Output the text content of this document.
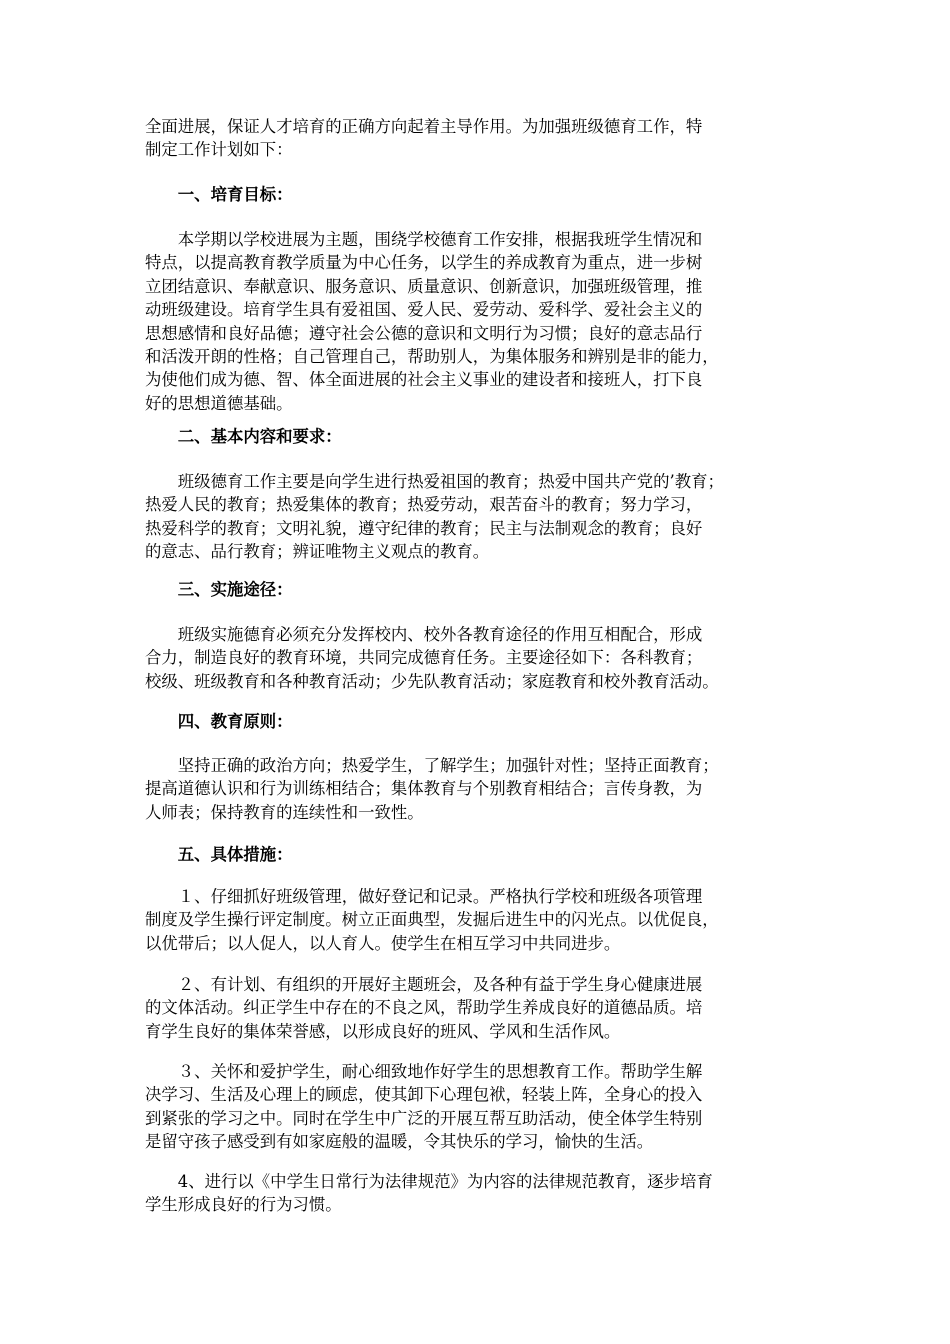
全面进展，保证人才培育的正确方向起着主导作用。为加强班级德育工作，特
制定工作计划如下：
一、培育目标：
本学期以学校进展为主题，围绕学校德育工作安排，根据我班学生情况和
特点，以提高教育教学质量为中心任务，以学生的养成教育为重点，进一步树
立团结意识、奉献意识、服务意识、质量意识、创新意识，加强班级管理，推
动班级建设。培育学生具有爱祖国、爱人民、爱劳动、爱科学、爱社会主义的
思想感情和良好品德；遵守社会公德的意识和文明行为习惯；良好的意志品行
和活泼开朗的性格；自己管理自己，帮助别人，为集体服务和辨别是非的能力，
为使他们成为德、智、体全面进展的社会主义事业的建设者和接班人，打下良
好的思想道德基础。
二、基本内容和要求：
班级德育工作主要是向学生进行热爱祖国的教育；热爱中国共产党的’教育；
热爱人民的教育；热爱集体的教育；热爱劳动，艰苦奋斗的教育；努力学习，
热爱科学的教育；文明礼貌，遵守纪律的教育；民主与法制观念的教育；良好
的意志、品行教育；辨证唯物主义观点的教育。
三、实施途径：
班级实施德育必须充分发挥校内、校外各教育途径的作用互相配合，形成
合力，制造良好的教育环境，共同完成德育任务。主要途径如下：各科教育；
校级、班级教育和各种教育活动；少先队教育活动；家庭教育和校外教育活动。
四、教育原则：
坚持正确的政治方向；热爱学生，了解学生；加强针对性；坚持正面教育；
提高道德认识和行为训练相结合；集体教育与个别教育相结合；言传身教，为
人师表；保持教育的连续性和一致性。
五、具体措施：
１、仔细抓好班级管理，做好登记和记录。严格执行学校和班级各项管理
制度及学生操行评定制度。树立正面典型，发掘后进生中的闪光点。以优促良，
以优带后；以人促人，以人育人。使学生在相互学习中共同进步。
２、有计划、有组织的开展好主题班会，及各种有益于学生身心健康进展
的文体活动。纠正学生中存在的不良之风，帮助学生养成良好的道德品质。培
育学生良好的集体荣誉感，以形成良好的班风、学风和生活作风。
３、关怀和爱护学生，耐心细致地作好学生的思想教育工作。帮助学生解
决学习、生活及心理上的顾虑，使其卸下心理包袱，轻装上阵，全身心的投入
到紧张的学习之中。同时在学生中广泛的开展互帮互助活动，使全体学生特别
是留守孩子感受到有如家庭般的温暖，令其快乐的学习，愉快的生活。
4、进行以《中学生日常行为法律规范》为内容的法律规范教育，逐步培育
学生形成良好的行为习惯。
